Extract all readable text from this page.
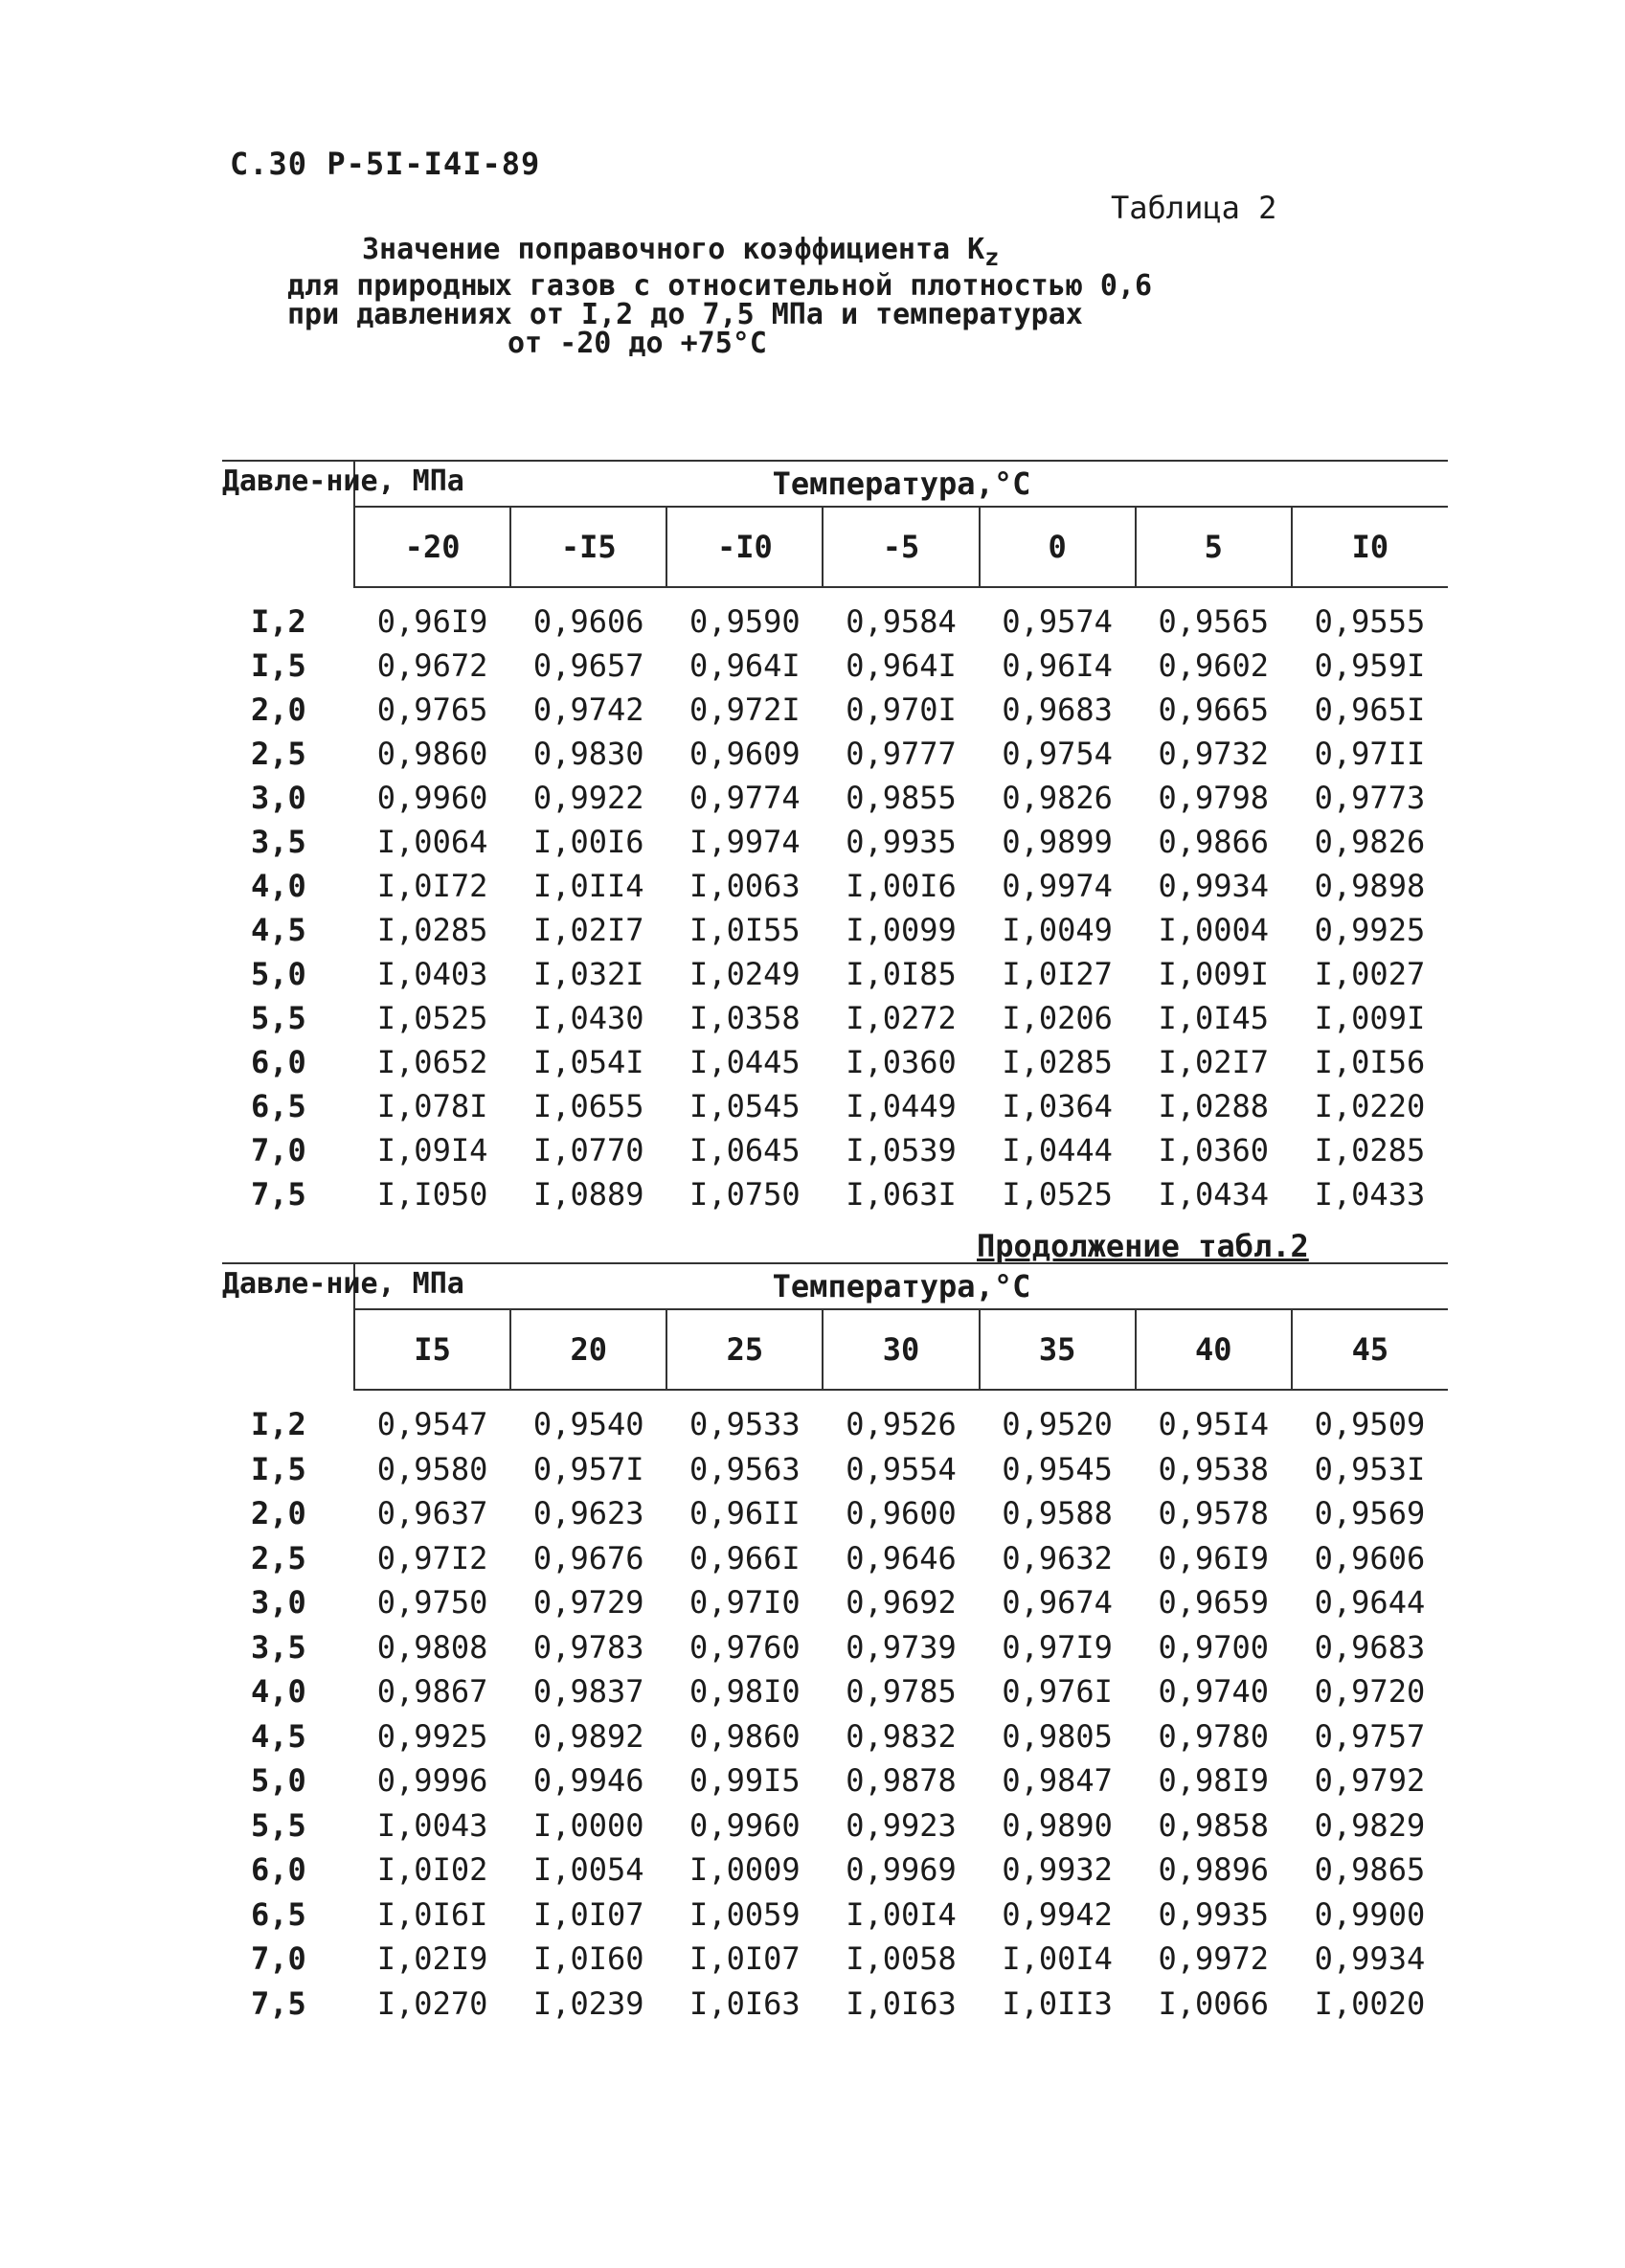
С.30 Р-5I-I4I-89
Таблица 2
Значение поправочного коэффициента $K_z$
для природных газов с относительной плотностью 0,6
при давлениях от I,2 до 7,5 МПа и температурах
от -20 до +75°С
Давле-ние, МПа	Температура,°С						
	-20	-I5	-I0	-5	0	5	I0

I,2	0,96I9	0,9606	0,9590	0,9584	0,9574	0,9565	0,9555
I,5	0,9672	0,9657	0,964I	0,964I	0,96I4	0,9602	0,959I
2,0	0,9765	0,9742	0,972I	0,970I	0,9683	0,9665	0,965I
2,5	0,9860	0,9830	0,9609	0,9777	0,9754	0,9732	0,97II
3,0	0,9960	0,9922	0,9774	0,9855	0,9826	0,9798	0,9773
3,5	I,0064	I,00I6	I,9974	0,9935	0,9899	0,9866	0,9826
4,0	I,0I72	I,0II4	I,0063	I,00I6	0,9974	0,9934	0,9898
4,5	I,0285	I,02I7	I,0I55	I,0099	I,0049	I,0004	0,9925
5,0	I,0403	I,032I	I,0249	I,0I85	I,0I27	I,009I	I,0027
5,5	I,0525	I,0430	I,0358	I,0272	I,0206	I,0I45	I,009I
6,0	I,0652	I,054I	I,0445	I,0360	I,0285	I,02I7	I,0I56
6,5	I,078I	I,0655	I,0545	I,0449	I,0364	I,0288	I,0220
7,0	I,09I4	I,0770	I,0645	I,0539	I,0444	I,0360	I,0285
7,5	I,I050	I,0889	I,0750	I,063I	I,0525	I,0434	I,0433
Продолжение табл.2
Давле-ние, МПа	Температура,°С						
	I5	20	25	30	35	40	45

I,2	0,9547	0,9540	0,9533	0,9526	0,9520	0,95I4	0,9509
I,5	0,9580	0,957I	0,9563	0,9554	0,9545	0,9538	0,953I
2,0	0,9637	0,9623	0,96II	0,9600	0,9588	0,9578	0,9569
2,5	0,97I2	0,9676	0,966I	0,9646	0,9632	0,96I9	0,9606
3,0	0,9750	0,9729	0,97I0	0,9692	0,9674	0,9659	0,9644
3,5	0,9808	0,9783	0,9760	0,9739	0,97I9	0,9700	0,9683
4,0	0,9867	0,9837	0,98I0	0,9785	0,976I	0,9740	0,9720
4,5	0,9925	0,9892	0,9860	0,9832	0,9805	0,9780	0,9757
5,0	0,9996	0,9946	0,99I5	0,9878	0,9847	0,98I9	0,9792
5,5	I,0043	I,0000	0,9960	0,9923	0,9890	0,9858	0,9829
6,0	I,0I02	I,0054	I,0009	0,9969	0,9932	0,9896	0,9865
6,5	I,0I6I	I,0I07	I,0059	I,00I4	0,9942	0,9935	0,9900
7,0	I,02I9	I,0I60	I,0I07	I,0058	I,00I4	0,9972	0,9934
7,5	I,0270	I,0239	I,0I63	I,0I63	I,0II3	I,0066	I,0020
